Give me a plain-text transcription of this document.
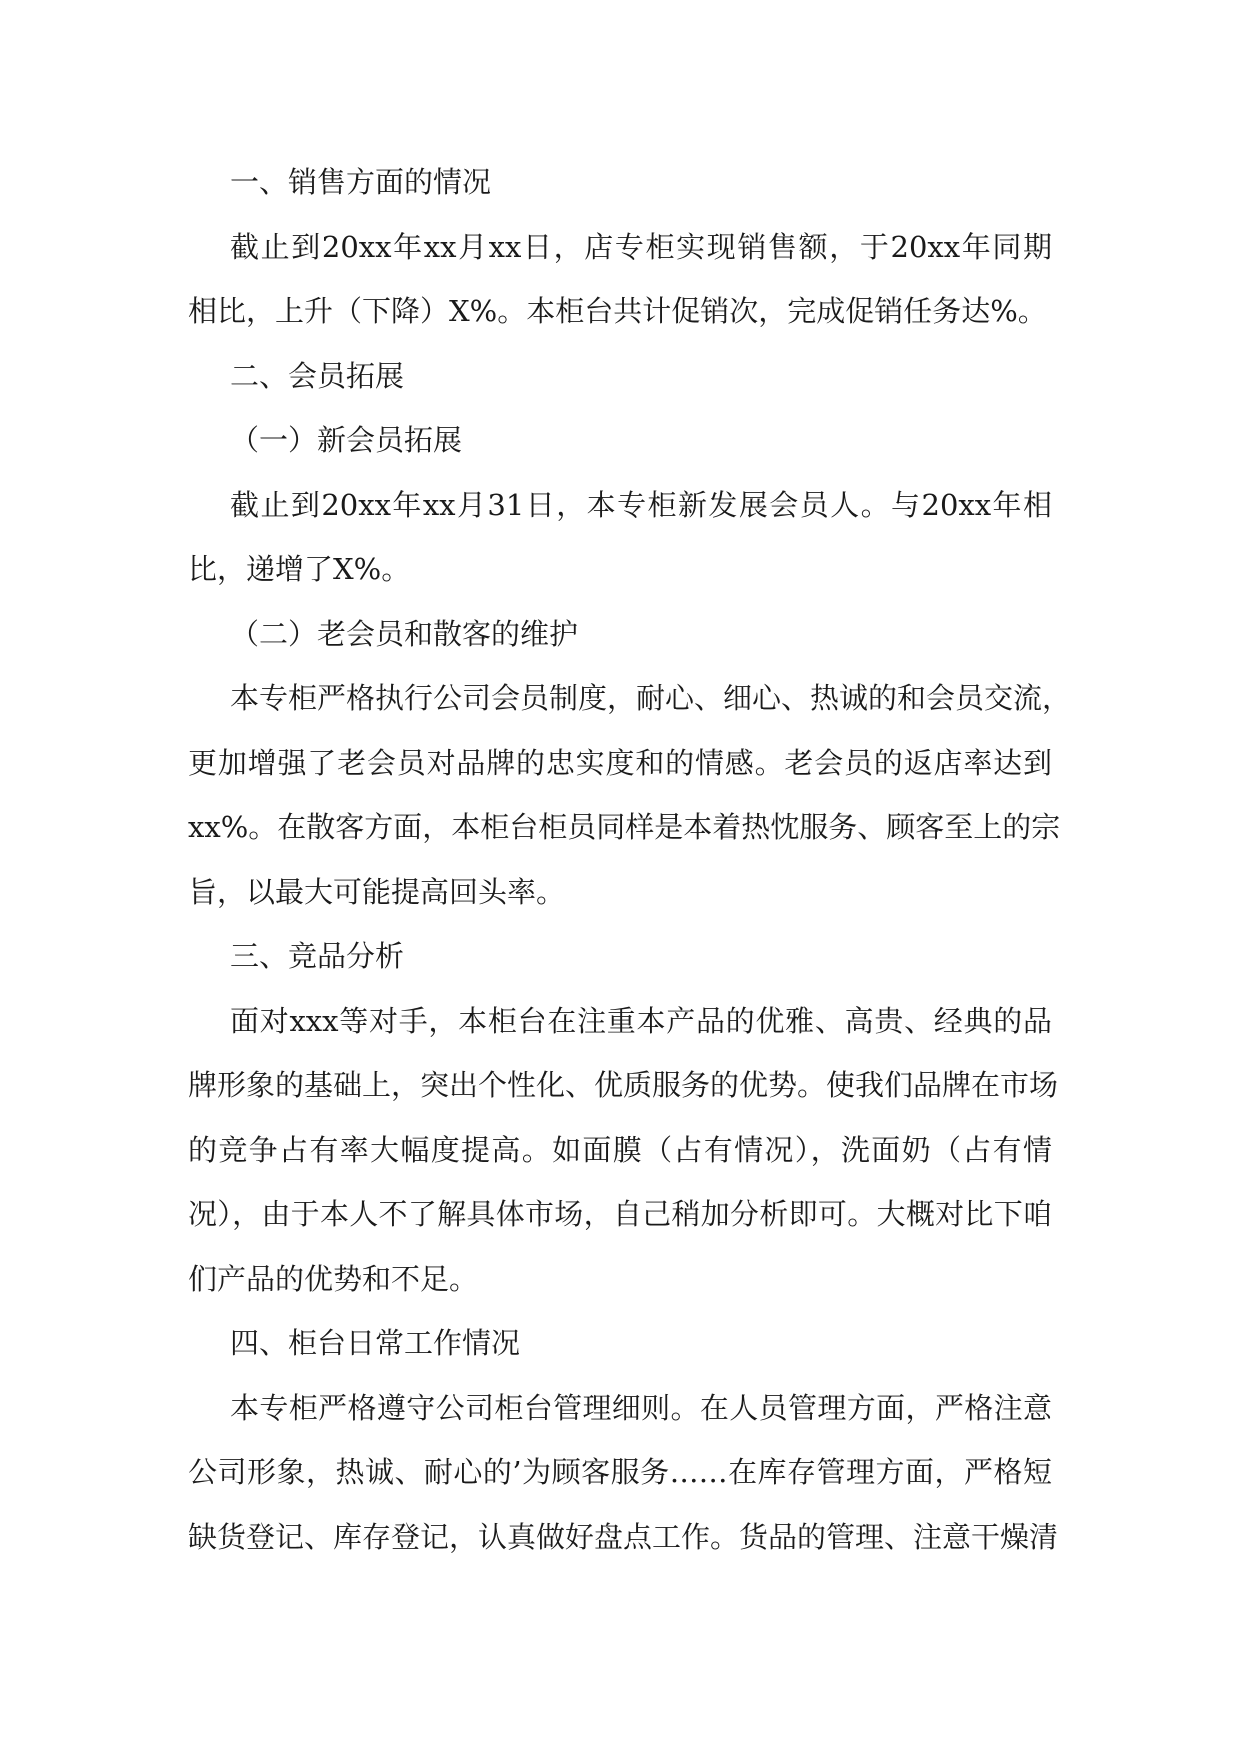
一、销售方面的情况
截止到20xx年xx月xx日，店专柜实现销售额，于20xx年同期
相比，上升（下降）X%。本柜台共计促销次，完成促销任务达%。
二、会员拓展
（一）新会员拓展
截止到20xx年xx月31日，本专柜新发展会员人。与20xx年相
比，递增了X%。
（二）老会员和散客的维护
本专柜严格执行公司会员制度，耐心、细心、热诚的和会员交流，
更加增强了老会员对品牌的忠实度和的情感。老会员的返店率达到
xx%。在散客方面，本柜台柜员同样是本着热忱服务、顾客至上的宗
旨，以最大可能提高回头率。
三、竞品分析
面对xxx等对手，本柜台在注重本产品的优雅、高贵、经典的品
牌形象的基础上，突出个性化、优质服务的优势。使我们品牌在市场
的竞争占有率大幅度提高。如面膜（占有情况），洗面奶（占有情
况），由于本人不了解具体市场，自己稍加分析即可。大概对比下咱
们产品的优势和不足。
四、柜台日常工作情况
本专柜严格遵守公司柜台管理细则。在人员管理方面，严格注意
公司形象，热诚、耐心的’为顾客服务……在库存管理方面，严格短
缺货登记、库存登记，认真做好盘点工作。货品的管理、注意干燥清
